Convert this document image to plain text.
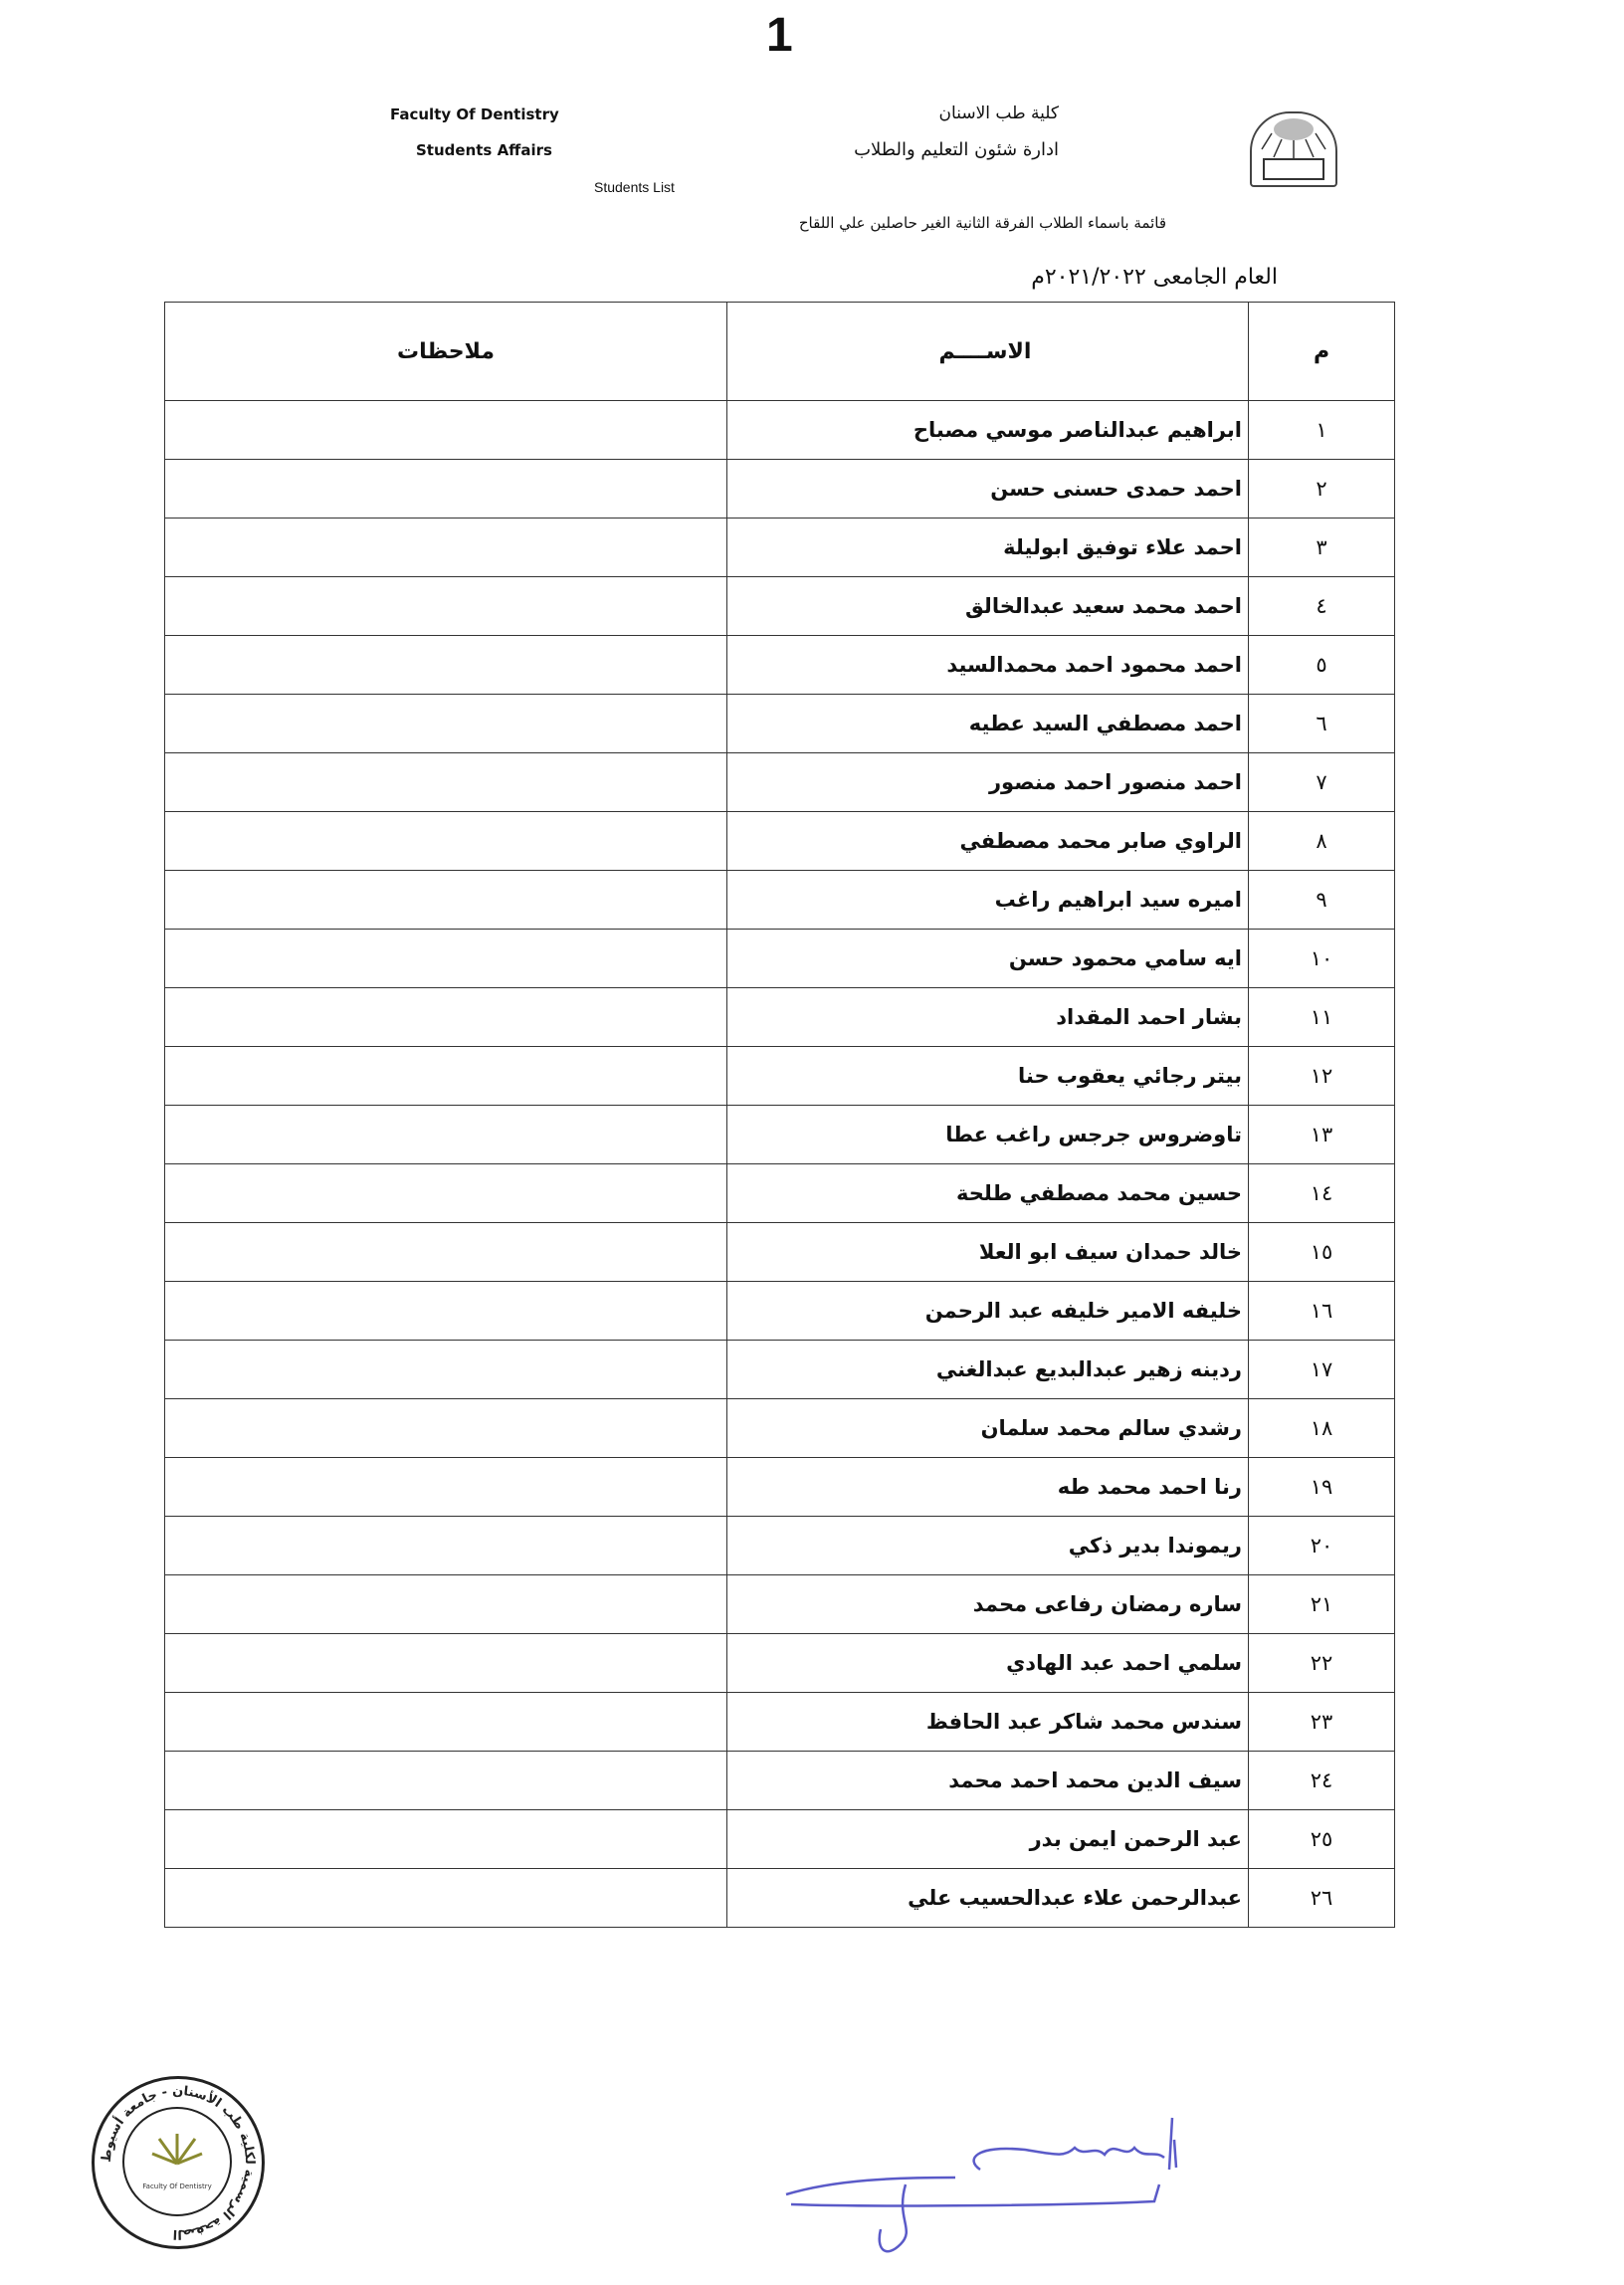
1
Faculty Of Dentistry
Students Affairs
Students List
كلية طب الاسنان
ادارة شئون التعليم والطلاب
قائمة باسماء الطلاب الفرقة الثانية الغير حاصلين علي اللقاح
العام الجامعى ٢٠٢١/٢٠٢٢م
م	الاســــم	ملاحظات
١	ابراهيم عبدالناصر موسي مصباح	
٢	احمد حمدى حسنى حسن	
٣	احمد علاء توفيق ابوليلة	
٤	احمد محمد سعيد عبدالخالق	
٥	احمد محمود احمد محمدالسيد	
٦	احمد مصطفي السيد عطيه	
٧	احمد منصور احمد منصور	
٨	الراوي صابر محمد مصطفي	
٩	اميره سيد ابراهيم راغب	
١٠	ايه سامي محمود حسن	
١١	بشار احمد المقداد	
١٢	بيتر رجائي يعقوب حنا	
١٣	تاوضروس جرجس راغب عطا	
١٤	حسين محمد مصطفي طلحة	
١٥	خالد حمدان سيف ابو العلا	
١٦	خليفه الامير خليفه عبد الرحمن	
١٧	ردينه زهير عبدالبديع عبدالغني	
١٨	رشدي سالم محمد سلمان	
١٩	رنا احمد محمد طه	
٢٠	ريموندا بدير ذكي	
٢١	ساره رمضان رفاعى محمد	
٢٢	سلمي احمد عبد الهادي	
٢٣	سندس محمد شاكر عبد الحافظ	
٢٤	سيف الدين محمد احمد محمد	
٢٥	عبد الرحمن ايمن بدر	
٢٦	عبدالرحمن علاء عبدالحسيب علي	
الصفحة الرسمية لكلية طب الأسنان - جامعة أسيوط
Faculty Of Dentistry
